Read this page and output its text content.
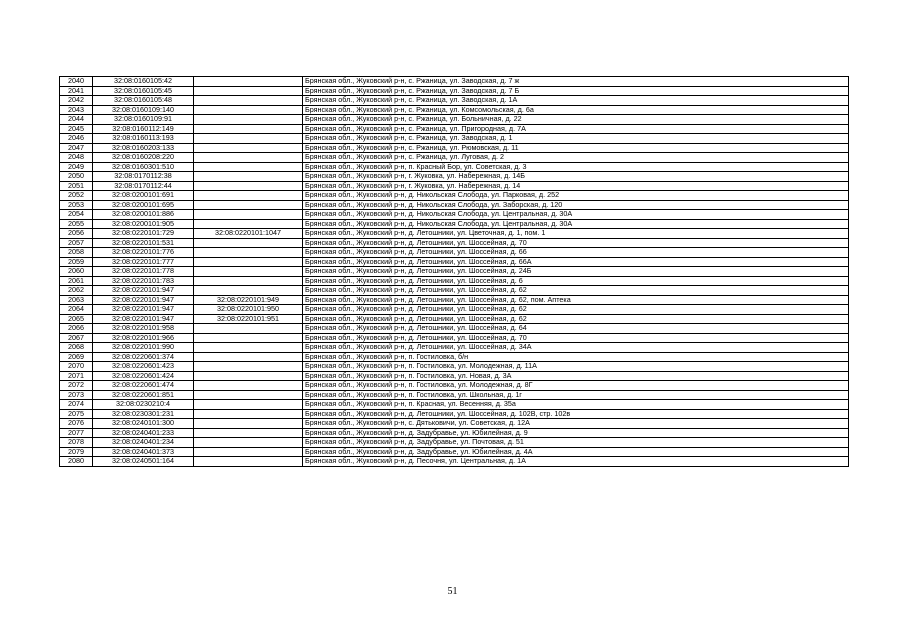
2040	32:08:0160105:42		Брянская обл., Жуковский р-н, с. Ржаница, ул. Заводская, д. 7 ж
2041	32:08:0160105:45		Брянская обл., Жуковский р-н, с. Ржаница, ул. Заводская, д. 7 Б
2042	32:08:0160105:48		Брянская обл., Жуковский р-н, с. Ржаница, ул. Заводская, д. 1А
2043	32:08:0160109:140		Брянская обл., Жуковский р-н, с. Ржаница, ул. Комсомольская, д. 6а
2044	32:08:0160109:91		Брянская обл., Жуковский р-н, с. Ржаница, ул. Больничная, д. 22
2045	32:08:0160112:149		Брянская обл., Жуковский р-н, с. Ржаница, ул. Пригородная, д. 7А
2046	32:08:0160113:193		Брянская обл., Жуковский р-н, с. Ржаница, ул. Заводская, д. 1
2047	32:08:0160203:133		Брянская обл., Жуковский р-н, с. Ржаница, ул. Рюмовская, д. 11
2048	32:08:0160208:220		Брянская обл., Жуковский р-н, с. Ржаница, ул. Луговая, д. 2
2049	32:08:0160301:510		Брянская обл., Жуковский р-н, п. Красный Бор, ул. Советская, д. 3
2050	32:08:0170112:38		Брянская обл., Жуковский р-н, г. Жуковка, ул. Набережная, д. 14Б
2051	32:08:0170112:44		Брянская обл., Жуковский р-н, г. Жуковка, ул. Набережная, д. 14
2052	32:08:0200101:691		Брянская обл., Жуковский р-н, д. Никольская Слобода, ул. Парковая, д. 252
2053	32:08:0200101:695		Брянская обл., Жуковский р-н, д. Никольская Слобода, ул. Заборская, д. 120
2054	32:08:0200101:886		Брянская обл., Жуковский р-н, д. Никольская Слобода, ул. Центральная, д. 30А
2055	32:08:0200101:905		Брянская обл., Жуковский р-н, д. Никольская Слобода, ул. Центральная, д. 30А
2056	32:08:0220101:729	32:08:0220101:1047	Брянская обл., Жуковский р-н, д. Летошники, ул. Цветочная, д. 1, пом. 1
2057	32:08:0220101:531		Брянская обл., Жуковский р-н, д. Летошники, ул. Шоссейная, д. 70
2058	32:08:0220101:776		Брянская обл., Жуковский р-н, д. Летошники, ул. Шоссейная, д. 66
2059	32:08:0220101:777		Брянская обл., Жуковский р-н, д. Летошники, ул. Шоссейная, д. 66А
2060	32:08:0220101:778		Брянская обл., Жуковский р-н, д. Летошники, ул. Шоссейная, д. 24Б
2061	32:08:0220101:783		Брянская обл., Жуковский р-н, д. Летошники, ул. Шоссейная, д. 6
2062	32:08:0220101:947		Брянская обл., Жуковский р-н, д. Летошники, ул. Шоссейная, д. 62
2063	32:08:0220101:947	32:08:0220101:949	Брянская обл., Жуковский р-н, д. Летошники, ул. Шоссейная, д. 62, пом. Аптека
2064	32:08:0220101:947	32:08:0220101:950	Брянская обл., Жуковский р-н, д. Летошники, ул. Шоссейная, д. 62
2065	32:08:0220101:947	32:08:0220101:951	Брянская обл., Жуковский р-н, д. Летошники, ул. Шоссейная, д. 62
2066	32:08:0220101:958		Брянская обл., Жуковский р-н, д. Летошники, ул. Шоссейная, д. 64
2067	32:08:0220101:966		Брянская обл., Жуковский р-н, д. Летошники, ул. Шоссейная, д. 70
2068	32:08:0220101:990		Брянская обл., Жуковский р-н, д. Летошники, ул. Шоссейная, д. 34А
2069	32:08:0220601:374		Брянская обл., Жуковский р-н, п. Гостиловка, б/н
2070	32:08:0220601:423		Брянская обл., Жуковский р-н, п. Гостиловка, ул. Молодежная, д. 11А
2071	32:08:0220601:424		Брянская обл., Жуковский р-н, п. Гостиловка, ул. Новая, д. 3А
2072	32:08:0220601:474		Брянская обл., Жуковский р-н, п. Гостиловка, ул. Молодежная, д. 8Г
2073	32:08:0220601:851		Брянская обл., Жуковский р-н, п. Гостиловка, ул. Школьная, д. 1г
2074	32:08:0230210:4		Брянская обл., Жуковский р-н, п. Красная, ул. Весенняя, д. 35а
2075	32:08:0230301:231		Брянская обл., Жуковский р-н, д. Летошники, ул. Шоссейная, д. 102В, стр. 102в
2076	32:08:0240101:300		Брянская обл., Жуковский р-н, с. Дятьковичи, ул. Советская, д. 12А
2077	32:08:0240401:233		Брянская обл., Жуковский р-н, д. Задубравье, ул. Юбилейная, д. 9
2078	32:08:0240401:234		Брянская обл., Жуковский р-н, д. Задубравье, ул. Почтовая, д. 51
2079	32:08:0240401:373		Брянская обл., Жуковский р-н, д. Задубравье, ул. Юбилейная, д. 4А
2080	32:08:0240501:164		Брянская обл., Жуковский р-н, д. Песочня, ул. Центральная, д. 1А
51
